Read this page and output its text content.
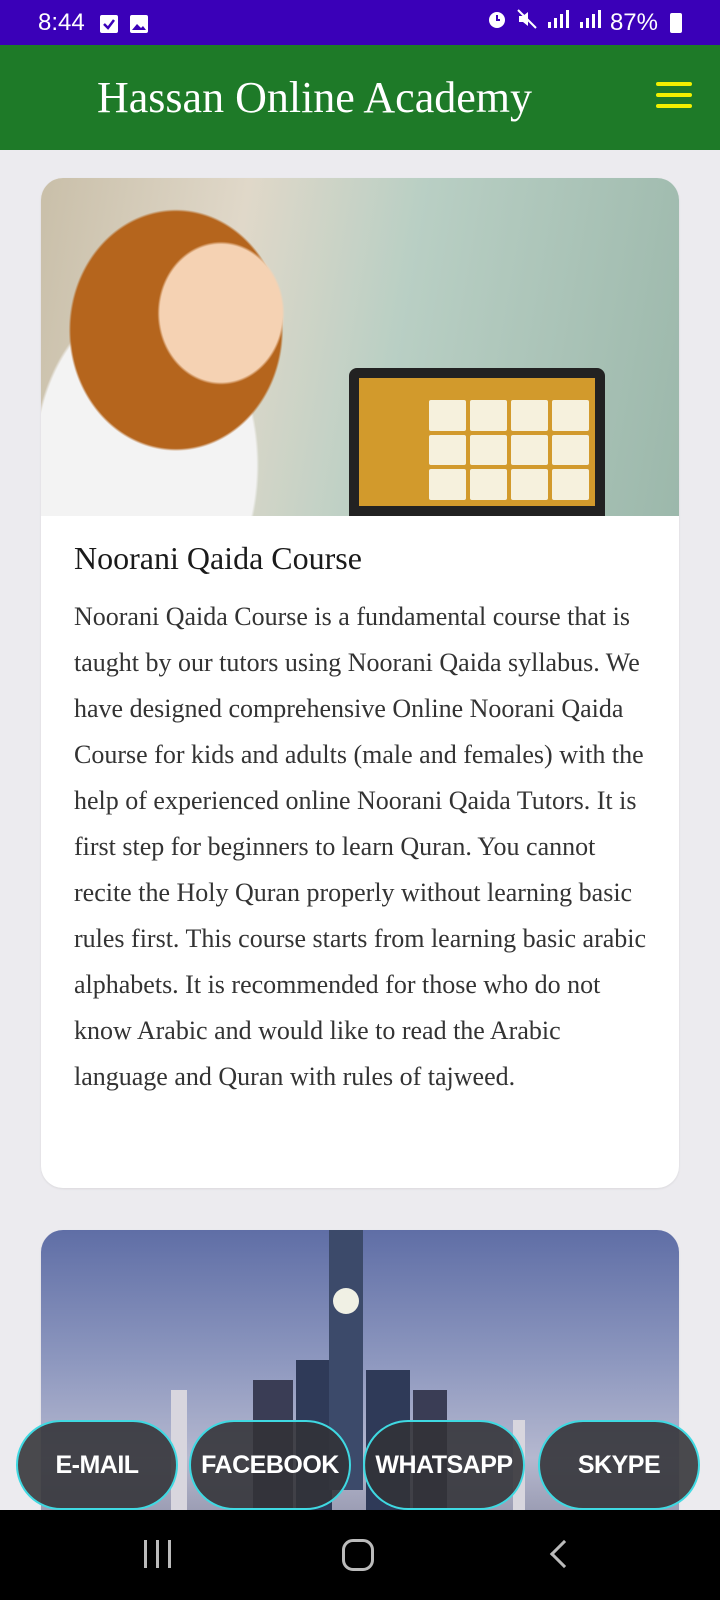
8:44	87%
Hassan Online Academy
Noorani Qaida Course
Noorani Qaida Course is a fundamental course that is taught by our tutors using Noorani Qaida syllabus. We have designed comprehensive Online Noorani Qaida Course for kids and adults (male and females) with the help of experienced online Noorani Qaida Tutors. It is first step for beginners to learn Quran. You cannot recite the Holy Quran properly without learning basic rules first. This course starts from learning basic arabic alphabets. It is recommended for those who do not know Arabic and would like to read the Arabic language and Quran with rules of tajweed.
E-MAIL	FACEBOOK	WHATSAPP	SKYPE
